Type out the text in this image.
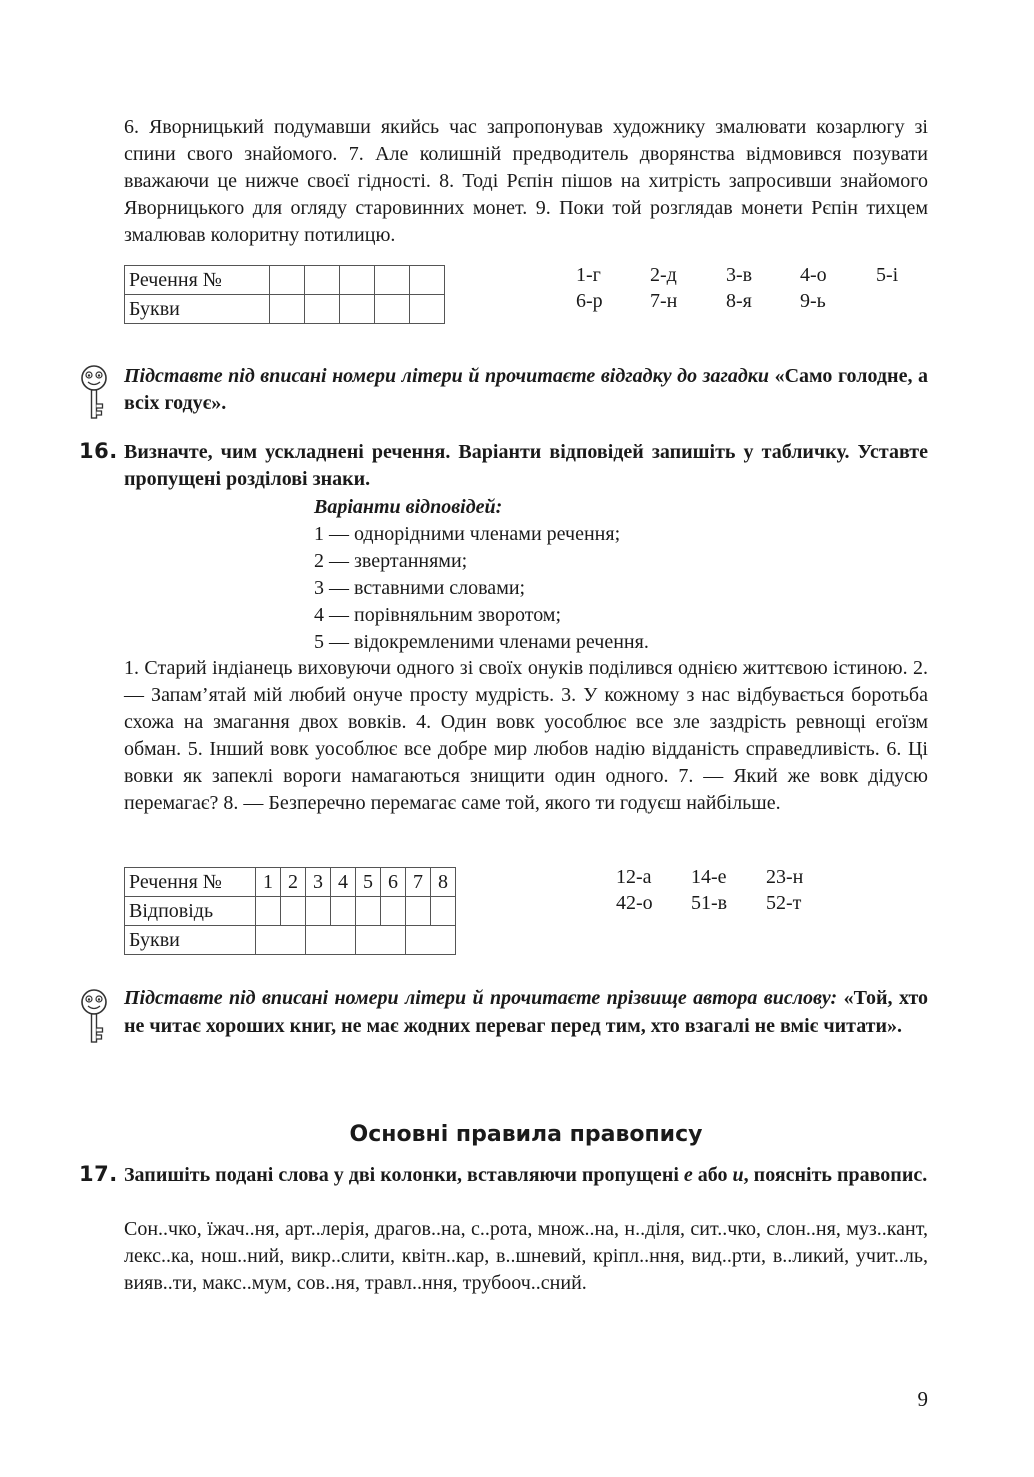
6. Яворницький подумавши якийсь час запропонував художнику змалювати козарлюгу зі спини свого знайомого. 7. Але колишній предводитель дворянства відмовився позувати вважаючи це нижче своєї гідності. 8. Тоді Рєпін пішов на хитрість запросивши знайомого Яворницького для огляду старовинних монет. 9. Поки той розглядав монети Рєпін тихцем змалював колоритну потилицю.
Речення №					
Букви					
1-г 2-д 3-в 4-о 5-і
6-р 7-н 8-я 9-ь
Підставте під вписані номери літери й прочитаєте відгадку до загадки «Само голодне, а всіх годує».
16. Визначте, чим ускладнені речення. Варіанти відповідей запишіть у табличку. Уставте пропущені розділові знаки.
Варіанти відповідей:
1 — однорідними членами речення;
2 — звертаннями;
3 — вставними словами;
4 — порівняльним зворотом;
5 — відокремленими членами речення.
1. Старий індіанець виховуючи одного зі своїх онуків поділився однією життєвою істиною. 2. — Запам’ятай мій любий онуче просту мудрість. 3. У кожному з нас відбувається боротьба схожа на змагання двох вовків. 4. Один вовк уособлює все зле заздрість ревнощі егоїзм обман. 5. Інший вовк уособлює все добре мир любов надію відданість справедливість. 6. Ці вовки як запеклі вороги намагаються знищити один одного. 7. — Який же вовк дідусю перемагає? 8. — Безперечно перемагає саме той, якого ти годуєш найбільше.
Речення №	1	2	3	4	5	6	7	8
Відповідь								
Букви								
12-а 14-е 23-н
42-о 51-в 52-т
Підставте під вписані номери літери й прочитаєте прізвище автора вислову: «Той, хто не читає хороших книг, не має жодних переваг перед тим, хто взагалі не вміє читати».
Основні правила правопису
17. Запишіть подані слова у дві колонки, вставляючи пропущені е або и, поясніть правопис.
Сон..чко, їжач..ня, арт..лерія, драгов..на, с..рота, множ..на, н..діля, сит..чко, слон..ня, муз..кант, лекс..ка, нош..ний, викр..слити, квітн..кар, в..шневий, кріпл..ння, вид..рти, в..ликий, учит..ль, вияв..ти, макс..мум, сов..ня, травл..ння, трубооч..сний.
9
